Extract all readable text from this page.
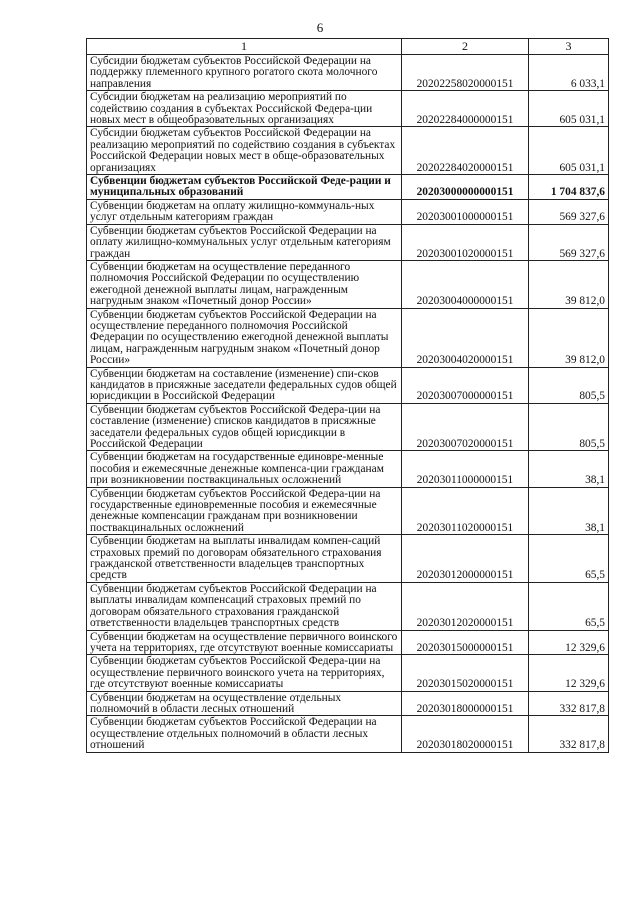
6
1	2	3
Субсидии бюджетам субъектов Российской Федерации на поддержку племенного крупного рогатого скота молочного направления	20202258020000151	6 033,1
Субсидии бюджетам на реализацию мероприятий по содействию создания в субъектах Российской Федера-ции новых мест в общеобразовательных организациях	20202284000000151	605 031,1
Субсидии бюджетам субъектов Российской Федерации на реализацию мероприятий по содействию создания в субъектах Российской Федерации новых мест в обще-образовательных организациях	20202284020000151	605 031,1
Субвенции бюджетам субъектов Российской Феде-рации и муниципальных образований	20203000000000151	1 704 837,6
Субвенции бюджетам на оплату жилищно-коммуналь-ных услуг отдельным категориям граждан	20203001000000151	569 327,6
Субвенции бюджетам субъектов Российской Федерации на оплату жилищно-коммунальных услуг отдельным категориям граждан	20203001020000151	569 327,6
Субвенции бюджетам на осуществление переданного полномочия Российской Федерации по осуществлению ежегодной денежной выплаты лицам, награжденным нагрудным знаком «Почетный донор России»	20203004000000151	39 812,0
Субвенции бюджетам субъектов Российской Федерации на осуществление переданного полномочия Российской Федерации по осуществлению ежегодной денежной выплаты лицам, награжденным нагрудным знаком «Почетный донор России»	20203004020000151	39 812,0
Субвенции бюджетам на составление (изменение) спи-сков кандидатов в присяжные заседатели федеральных судов общей юрисдикции в Российской Федерации	20203007000000151	805,5
Субвенции бюджетам субъектов Российской Федера-ции на составление (изменение) списков кандидатов в присяжные заседатели федеральных судов общей юрисдикции в Российской Федерации	20203007020000151	805,5
Субвенции бюджетам на государственные единовре-менные пособия и ежемесячные денежные компенса-ции гражданам при возникновении поствакцинальных осложнений	20203011000000151	38,1
Субвенции бюджетам субъектов Российской Федера-ции на государственные единовременные пособия и ежемесячные денежные компенсации гражданам при возникновении поствакцинальных осложнений	20203011020000151	38,1
Субвенции бюджетам на выплаты инвалидам компен-саций страховых премий по договорам обязательного страхования гражданской ответственности владельцев транспортных средств	20203012000000151	65,5
Субвенции бюджетам субъектов Российской Федерации на выплаты инвалидам компенсаций страховых премий по договорам обязательного страхования гражданской ответственности владельцев транспортных средств	20203012020000151	65,5
Субвенции бюджетам на осуществление первичного воинского учета на территориях, где отсутствуют военные комиссариаты	20203015000000151	12 329,6
Субвенции бюджетам субъектов Российской Федера-ции на осуществление первичного воинского учета на территориях, где отсутствуют военные комиссариаты	20203015020000151	12 329,6
Субвенции бюджетам на осуществление отдельных полномочий в области лесных отношений	20203018000000151	332 817,8
Субвенции бюджетам субъектов Российской Федерации на осуществление отдельных полномочий в области лесных отношений	20203018020000151	332 817,8
